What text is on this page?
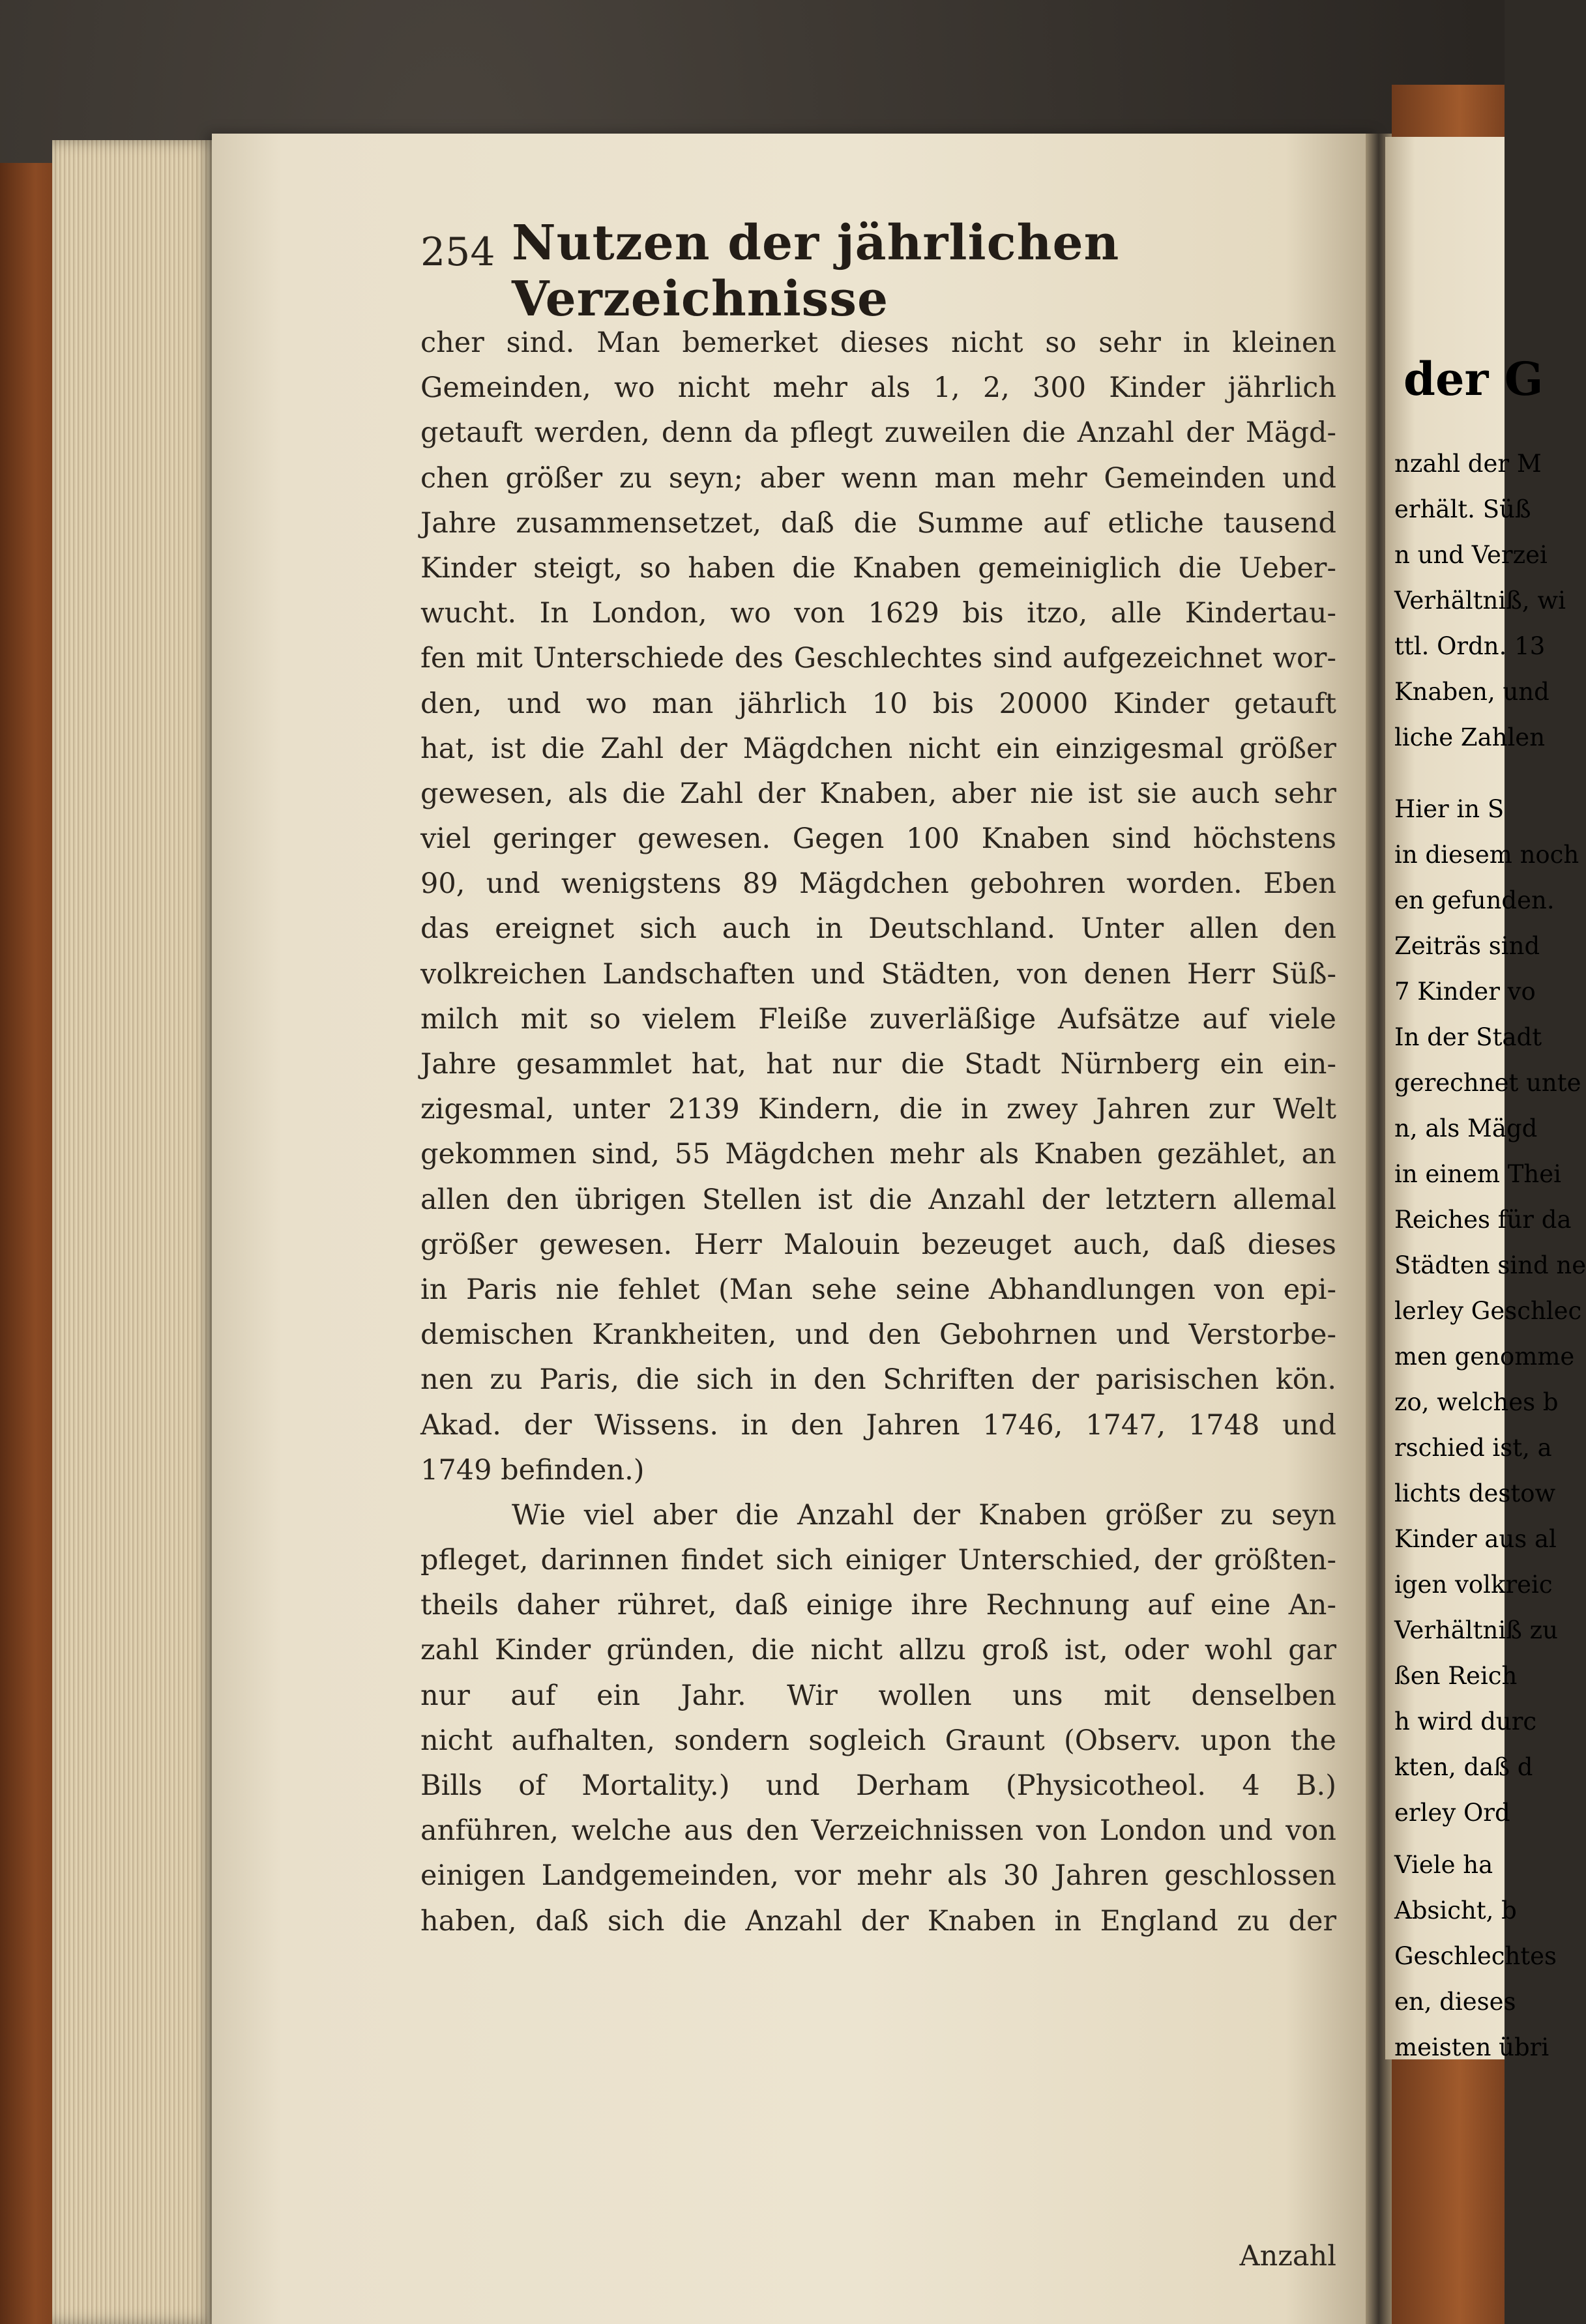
254 Nutzen der jährlichen Verzeichnisse
cher sind. Man bemerket dieses nicht so sehr in kleinen
Gemeinden, wo nicht mehr als 1, 2, 300 Kinder jährlich
getauft werden, denn da pflegt zuweilen die Anzahl der Mägd-
chen größer zu seyn; aber wenn man mehr Gemeinden und
Jahre zusammensetzet, daß die Summe auf etliche tausend
Kinder steigt, so haben die Knaben gemeiniglich die Ueber-
wucht. In London, wo von 1629 bis itzo, alle Kindertau-
fen mit Unterschiede des Geschlechtes sind aufgezeichnet wor-
den, und wo man jährlich 10 bis 20000 Kinder getauft
hat, ist die Zahl der Mägdchen nicht ein einzigesmal größer
gewesen, als die Zahl der Knaben, aber nie ist sie auch sehr
viel geringer gewesen. Gegen 100 Knaben sind höchstens
90, und wenigstens 89 Mägdchen gebohren worden. Eben
das ereignet sich auch in Deutschland. Unter allen den
volkreichen Landschaften und Städten, von denen Herr Süß-
milch mit so vielem Fleiße zuverläßige Aufsätze auf viele
Jahre gesammlet hat, hat nur die Stadt Nürnberg ein ein-
zigesmal, unter 2139 Kindern, die in zwey Jahren zur Welt
gekommen sind, 55 Mägdchen mehr als Knaben gezählet, an
allen den übrigen Stellen ist die Anzahl der letztern allemal
größer gewesen. Herr Malouin bezeuget auch, daß dieses
in Paris nie fehlet (Man sehe seine Abhandlungen von epi-
demischen Krankheiten, und den Gebohrnen und Verstorbe-
nen zu Paris, die sich in den Schriften der parisischen kön.
Akad. der Wissens. in den Jahren 1746, 1747, 1748 und
1749 befinden.)
Wie viel aber die Anzahl der Knaben größer zu seyn
pfleget, darinnen findet sich einiger Unterschied, der größten-
theils daher rühret, daß einige ihre Rechnung auf eine An-
zahl Kinder gründen, die nicht allzu groß ist, oder wohl gar
nur auf ein Jahr. Wir wollen uns mit denselben
nicht aufhalten, sondern sogleich Graunt (Observ. upon the
Bills of Mortality.) und Derham (Physicotheol. 4 B.)
anführen, welche aus den Verzeichnissen von London und von
einigen Landgemeinden, vor mehr als 30 Jahren geschlossen
haben, daß sich die Anzahl der Knaben in England zu der
Anzahl
der G
nzahl der M
erhält. Süß
n und Verzei
Verhältniß, wi
ttl. Ordn. 13
Knaben, und
liche Zahlen
Hier in S
in diesem noch
en gefunden.
Zeiträs sind
7 Kinder vo
In der Stadt
gerechnet unte
n, als Mägd
in einem Thei
Reiches für da
Städten sind ne
lerley Geschlec
men genomme
zo, welches b
rschied ist, a
lichts destow
Kinder aus al
igen volkreic
Verhältniß zu
ßen Reich
h wird durc
kten, daß d
erley Ord
Viele ha
Absicht, b
Geschlechtes
en, dieses
meisten übri
